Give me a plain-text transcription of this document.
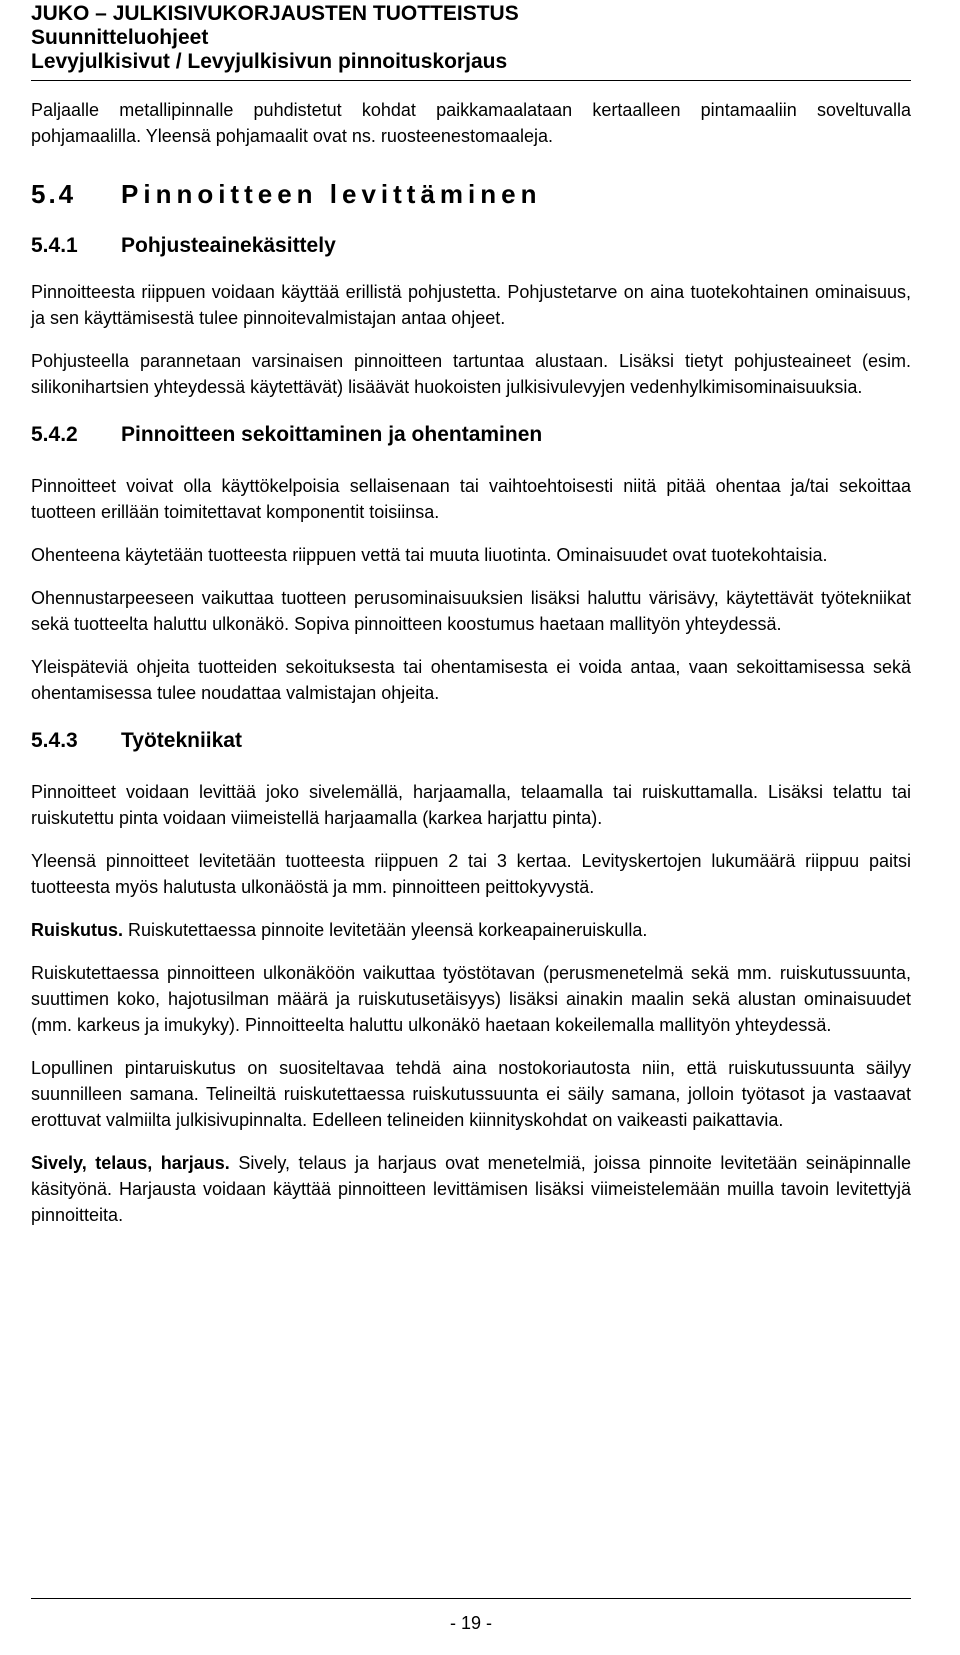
JUKO – JULKISIVUKORJAUSTEN TUOTTEISTUS
Suunnitteluohjeet
Levyjulkisivut / Levyjulkisivun pinnoituskorjaus

Paljaalle metallipinnalle puhdistetut kohdat paikkamaalataan kertaalleen pintamaaliin soveltuvalla pohjamaalilla. Yleensä pohjamaalit ovat ns. ruosteenestomaaleja.

5.4	Pinnoitteen levittäminen
5.4.1	Pohjusteainekäsittely

Pinnoitteesta riippuen voidaan käyttää erillistä pohjustetta. Pohjustetarve on aina tuotekohtainen ominaisuus, ja sen käyttämisestä tulee pinnoitevalmistajan antaa ohjeet.

Pohjusteella parannetaan varsinaisen pinnoitteen tartuntaa alustaan. Lisäksi tietyt pohjusteaineet (esim. silikonihartsien yhteydessä käytettävät) lisäävät huokoisten julkisivulevyjen vedenhylkimisominaisuuksia.

5.4.2	Pinnoitteen sekoittaminen ja ohentaminen

Pinnoitteet voivat olla käyttökelpoisia sellaisenaan tai vaihtoehtoisesti niitä pitää ohentaa ja/tai sekoittaa tuotteen erillään toimitettavat komponentit toisiinsa.

Ohenteena käytetään tuotteesta riippuen vettä tai muuta liuotinta. Ominaisuudet ovat tuotekohtaisia.

Ohennustarpeeseen vaikuttaa tuotteen perusominaisuuksien lisäksi haluttu värisävy, käytettävät työtekniikat sekä tuotteelta haluttu ulkonäkö. Sopiva pinnoitteen koostumus haetaan mallityön yhteydessä.

Yleispäteviä ohjeita tuotteiden sekoituksesta tai ohentamisesta ei voida antaa, vaan sekoittamisessa sekä ohentamisessa tulee noudattaa valmistajan ohjeita.

5.4.3	Työtekniikat

Pinnoitteet voidaan levittää joko sivelemällä, harjaamalla, telaamalla tai ruiskuttamalla. Lisäksi telattu tai ruiskutettu pinta voidaan viimeistellä harjaamalla (karkea harjattu pinta).

Yleensä pinnoitteet levitetään tuotteesta riippuen 2 tai 3 kertaa. Levityskertojen lukumäärä riippuu paitsi tuotteesta myös halutusta ulkonäöstä ja mm. pinnoitteen peittokyvystä.

Ruiskutus. Ruiskutettaessa pinnoite levitetään yleensä korkeapaineruiskulla.

Ruiskutettaessa pinnoitteen ulkonäköön vaikuttaa työstötavan (perusmenetelmä sekä mm. ruiskutussuunta, suuttimen koko, hajotusilman määrä ja ruiskutusetäisyys) lisäksi ainakin maalin sekä alustan ominaisuudet (mm. karkeus ja imukyky). Pinnoitteelta haluttu ulkonäkö haetaan kokeilemalla mallityön yhteydessä.

Lopullinen pintaruiskutus on suositeltavaa tehdä aina nostokoriautosta niin, että ruiskutussuunta säilyy suunnilleen samana. Telineiltä ruiskutettaessa ruiskutussuunta ei säily samana, jolloin työtasot ja vastaavat erottuvat valmiilta julkisivupinnalta. Edelleen telineiden kiinnityskohdat on vaikeasti paikattavia.

Sively, telaus, harjaus. Sively, telaus ja harjaus ovat menetelmiä, joissa pinnoite levitetään seinäpinnalle käsityönä. Harjausta voidaan käyttää pinnoitteen levittämisen lisäksi viimeistelemään muilla tavoin levitettyjä pinnoitteita.

- 19 -
